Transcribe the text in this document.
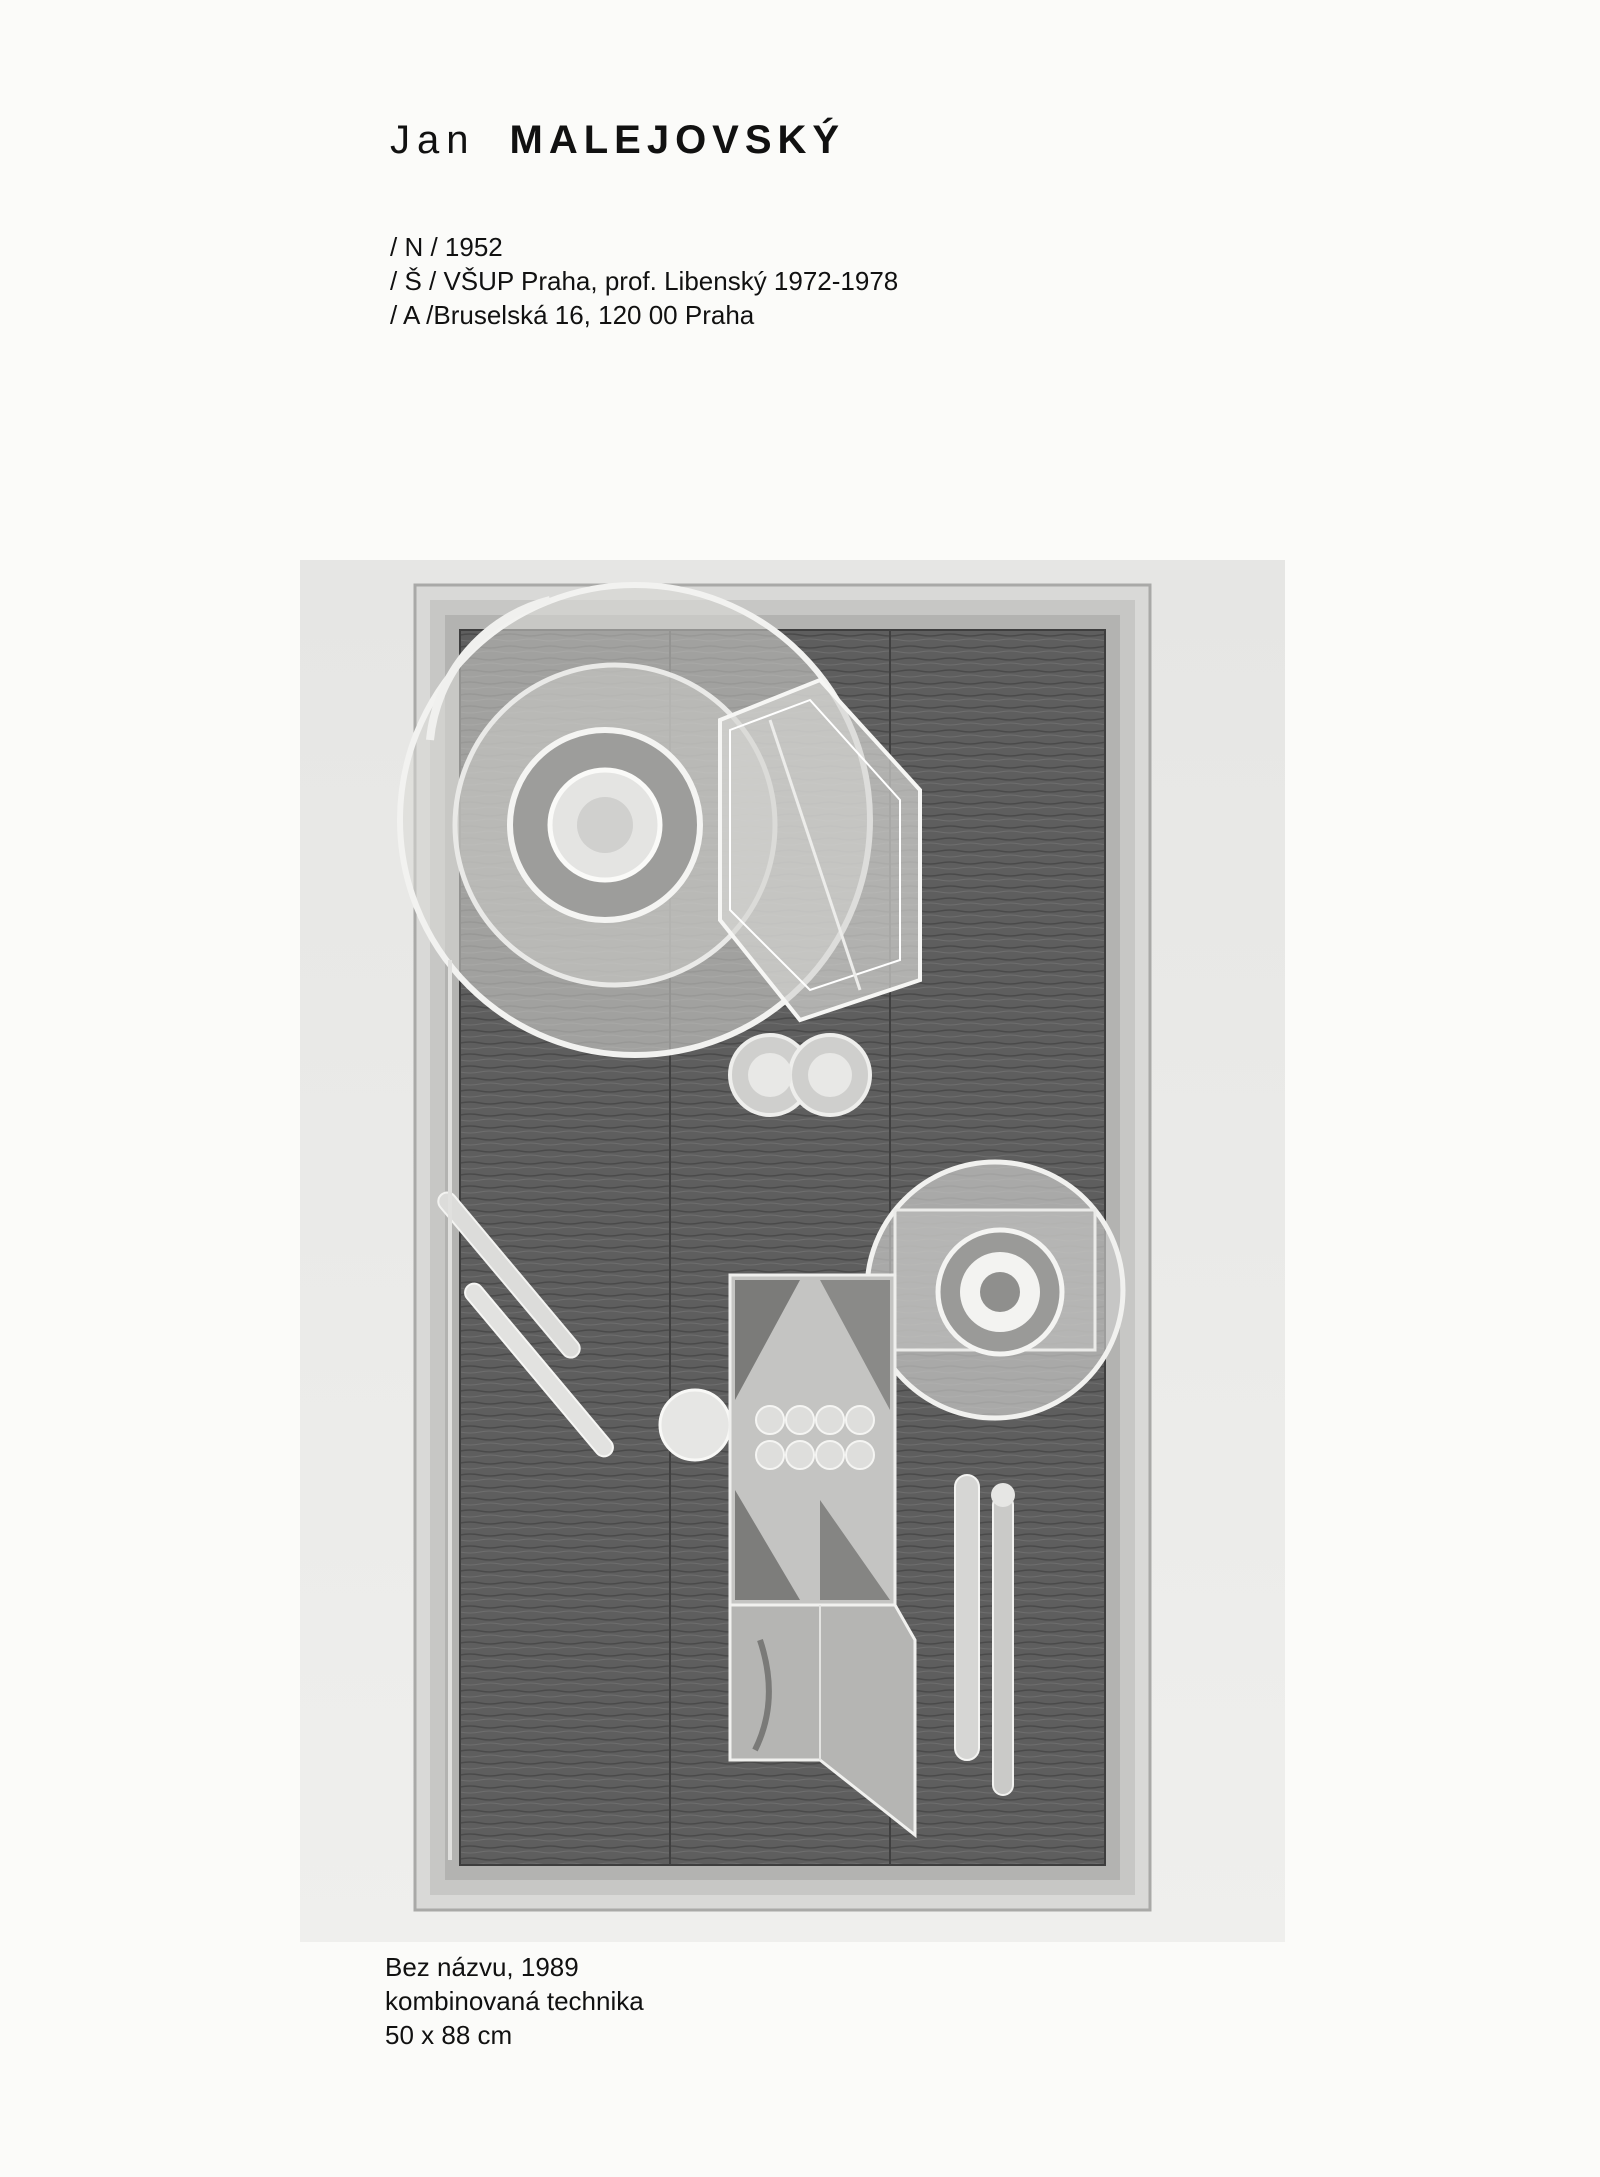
Jan MALEJOVSKÝ
/ N / 1952
/ Š / VŠUP Praha, prof. Libenský 1972-1978
/ A /Bruselská 16, 120 00 Praha
Bez názvu, 1989
kombinovaná technika
50 x 88 cm
